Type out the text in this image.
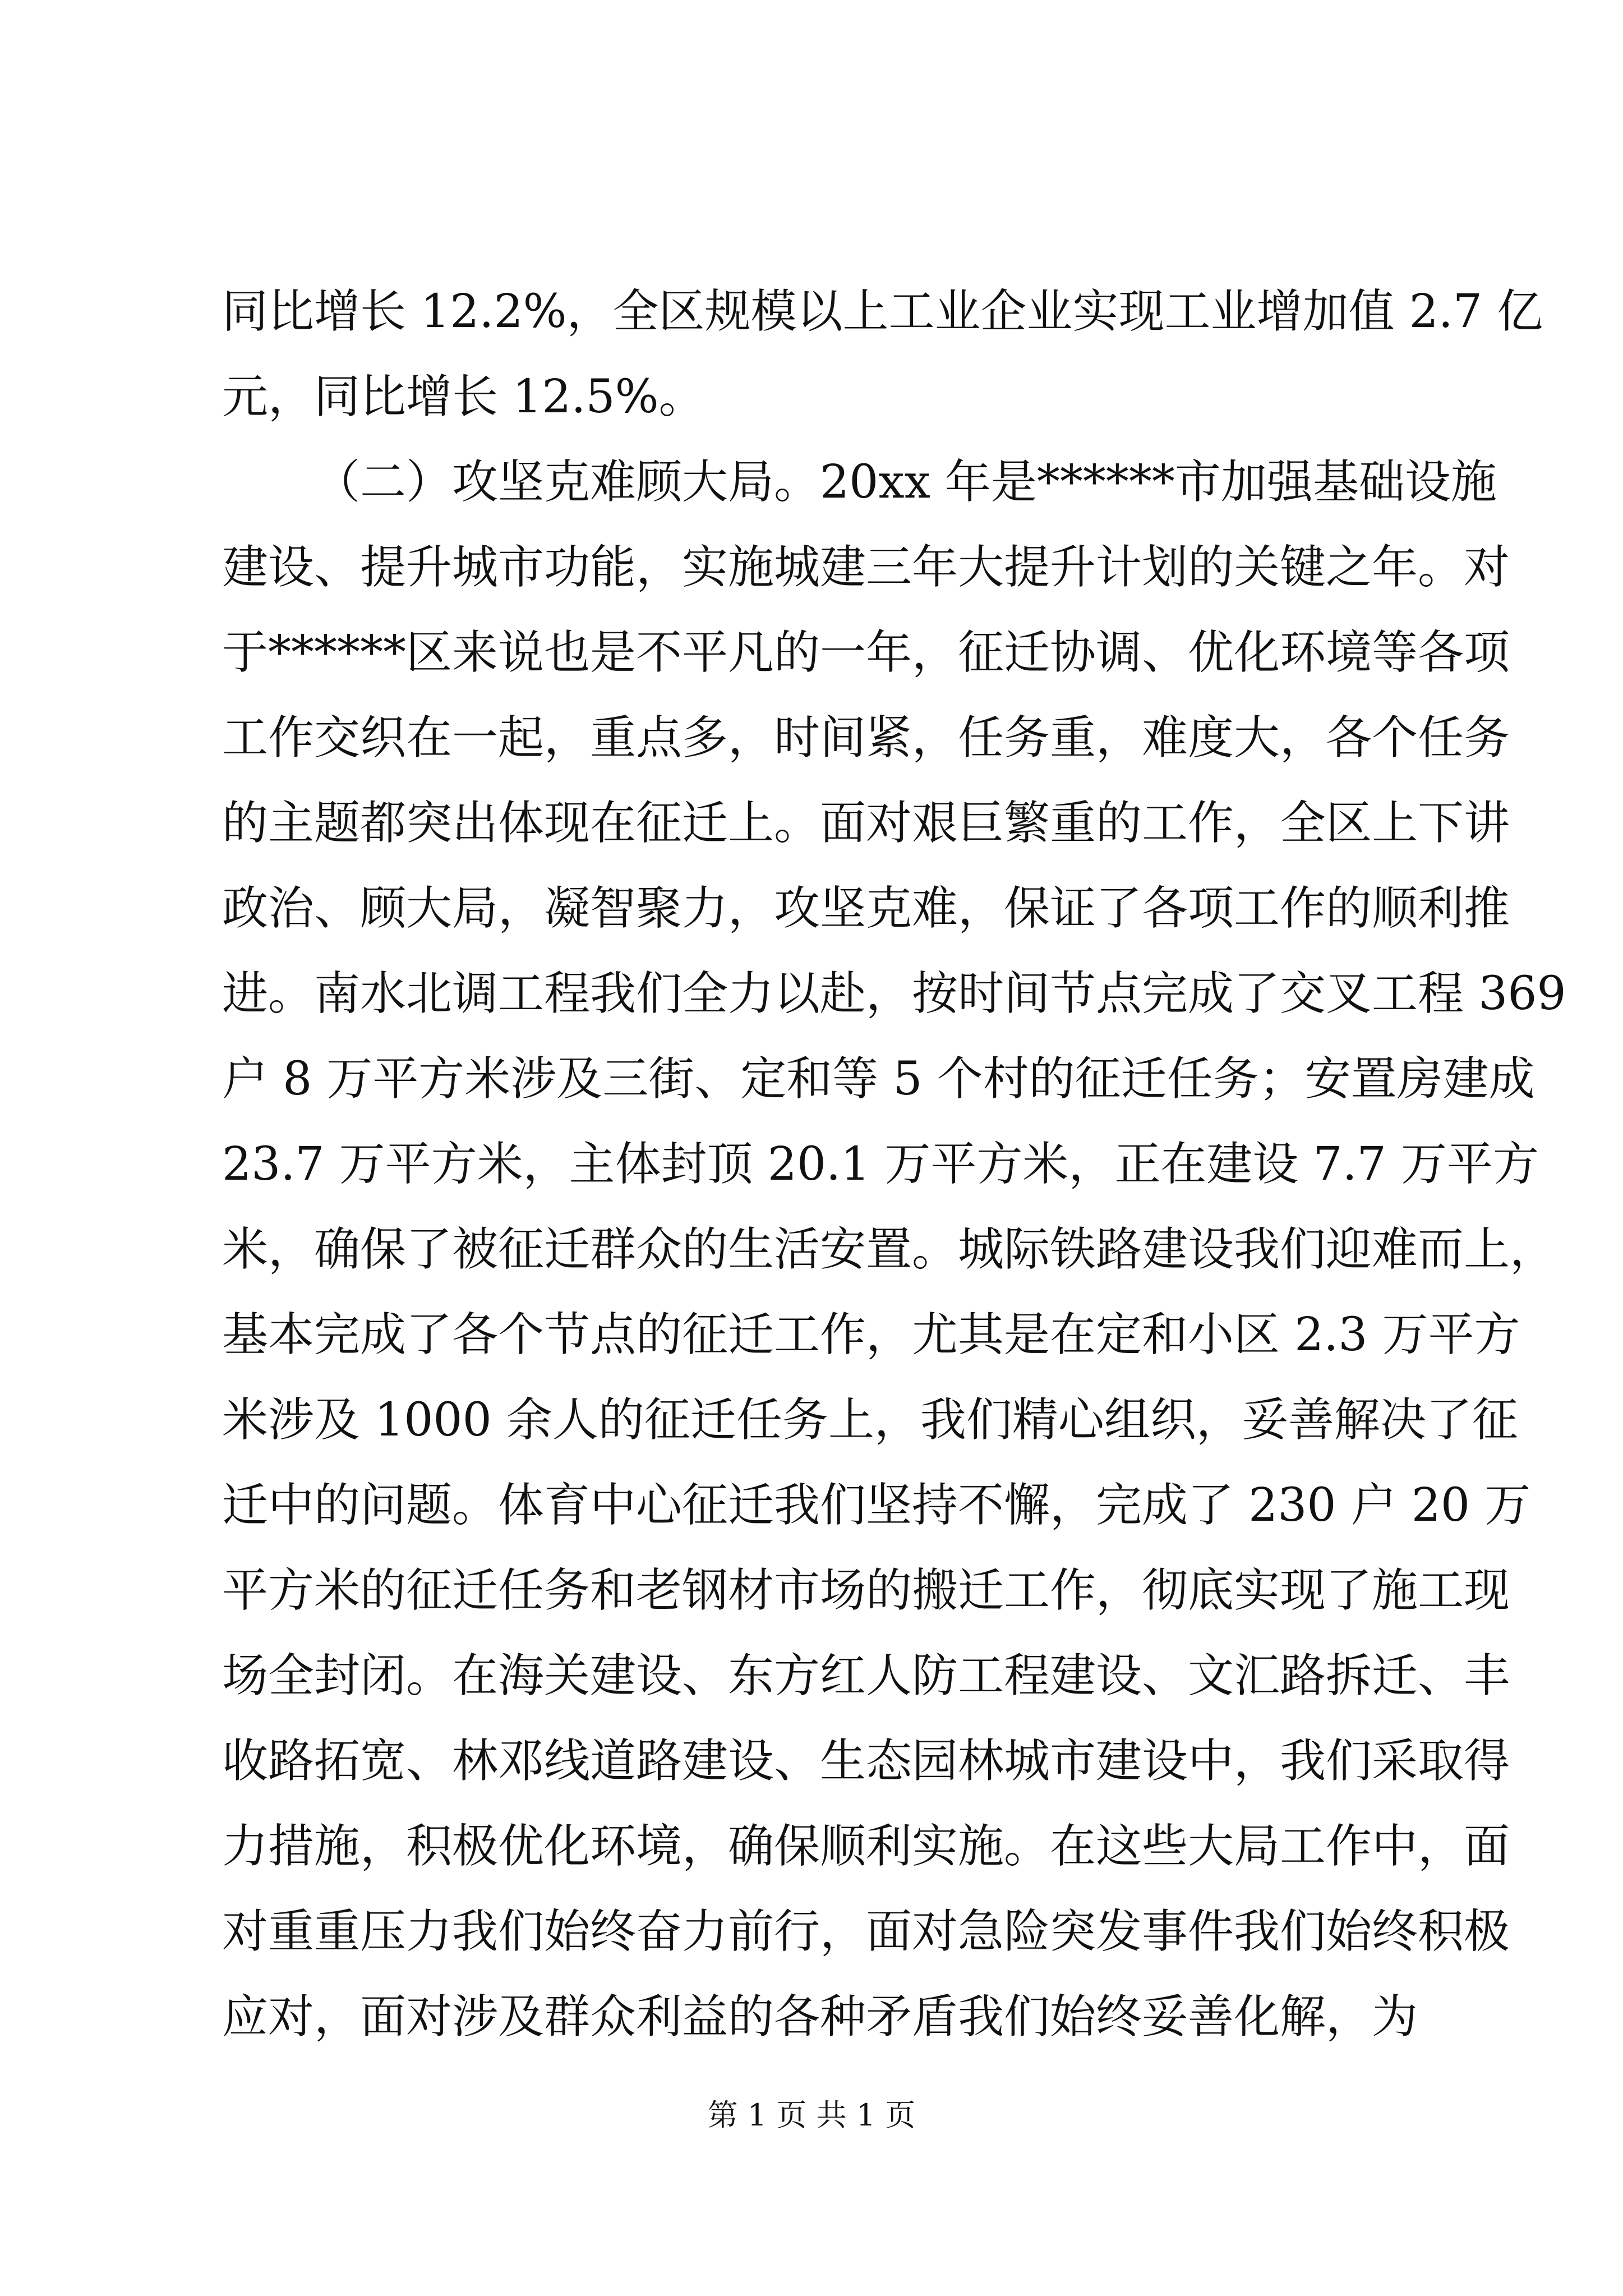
同比增长 12.2%，全区规模以上工业企业实现工业增加值 2.7 亿
元，同比增长 12.5%。
（二）攻坚克难顾大局。20xx 年是******市加强基础设施
建设、提升城市功能，实施城建三年大提升计划的关键之年。对
于******区来说也是不平凡的一年，征迁协调、优化环境等各项
工作交织在一起，重点多，时间紧，任务重，难度大，各个任务
的主题都突出体现在征迁上。面对艰巨繁重的工作，全区上下讲
政治、顾大局，凝智聚力，攻坚克难，保证了各项工作的顺利推
进。南水北调工程我们全力以赴，按时间节点完成了交叉工程 369
户 8 万平方米涉及三街、定和等 5 个村的征迁任务；安置房建成
23.7 万平方米，主体封顶 20.1 万平方米，正在建设 7.7 万平方
米，确保了被征迁群众的生活安置。城际铁路建设我们迎难而上，
基本完成了各个节点的征迁工作，尤其是在定和小区 2.3 万平方
米涉及 1000 余人的征迁任务上，我们精心组织，妥善解决了征
迁中的问题。体育中心征迁我们坚持不懈，完成了 230 户 20 万
平方米的征迁任务和老钢材市场的搬迁工作，彻底实现了施工现
场全封闭。在海关建设、东方红人防工程建设、文汇路拆迁、丰
收路拓宽、林邓线道路建设、生态园林城市建设中，我们采取得
力措施，积极优化环境，确保顺利实施。在这些大局工作中，面
对重重压力我们始终奋力前行，面对急险突发事件我们始终积极
应对，面对涉及群众利益的各种矛盾我们始终妥善化解，为
第 1 页 共 1 页
